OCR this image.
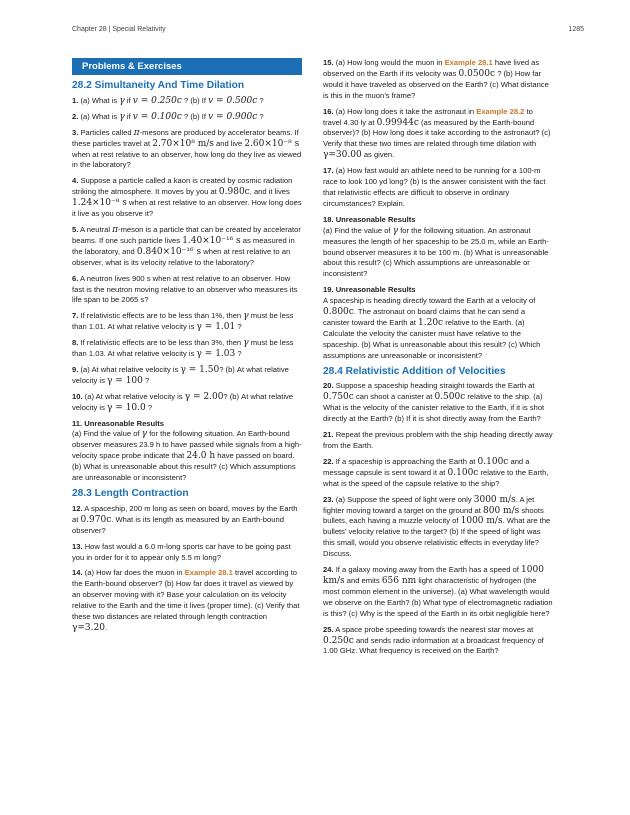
Chapter 28 | Special Relativity	1285
Problems & Exercises
28.2 Simultaneity And Time Dilation

1. (a) What is γ if v = 0.250c ? (b) If v = 0.500c ?

2. (a) What is γ if v = 0.100c ? (b) If v = 0.900c ?

3. Particles called π-mesons are produced by accelerator beams. If these particles travel at 2.70×10⁸ m/s and live 2.60×10⁻⁸ s when at rest relative to an observer, how long do they live as viewed in the laboratory?

4. Suppose a particle called a kaon is created by cosmic radiation striking the atmosphere. It moves by you at 0.980c, and it lives 1.24×10⁻⁸ s when at rest relative to an observer. How long does it live as you observe it?

5. A neutral π-meson is a particle that can be created by accelerator beams. If one such particle lives 1.40×10⁻¹⁶ s as measured in the laboratory, and 0.840×10⁻¹⁶ s when at rest relative to an observer, what is its velocity relative to the laboratory?

6. A neutron lives 900 s when at rest relative to an observer. How fast is the neutron moving relative to an observer who measures its life span to be 2065 s?

7. If relativistic effects are to be less than 1%, then γ must be less than 1.01. At what relative velocity is γ = 1.01 ?

8. If relativistic effects are to be less than 3%, then γ must be less than 1.03. At what relative velocity is γ = 1.03 ?

9. (a) At what relative velocity is γ = 1.50? (b) At what relative velocity is γ = 100 ?

10. (a) At what relative velocity is γ = 2.00? (b) At what relative velocity is γ = 10.0 ?

11. Unreasonable Results
(a) Find the value of γ for the following situation. An Earth-bound observer measures 23.9 h to have passed while signals from a high-velocity space probe indicate that 24.0 h have passed on board. (b) What is unreasonable about this result? (c) Which assumptions are unreasonable or inconsistent?

28.3 Length Contraction

12. A spaceship, 200 m long as seen on board, moves by the Earth at 0.970c. What is its length as measured by an Earth-bound observer?

13. How fast would a 6.0 m-long sports car have to be going past you in order for it to appear only 5.5 m long?

14. (a) How far does the muon in Example 28.1 travel according to the Earth-bound observer? (b) How far does it travel as viewed by an observer moving with it? Base your calculation on its velocity relative to the Earth and the time it lives (proper time). (c) Verify that these two distances are related through length contraction γ=3.20.

15. (a) How long would the muon in Example 28.1 have lived as observed on the Earth if its velocity was 0.0500c ? (b) How far would it have traveled as observed on the Earth? (c) What distance is this in the muon’s frame?

16. (a) How long does it take the astronaut in Example 28.2 to travel 4.30 ly at 0.99944c (as measured by the Earth-bound observer)? (b) How long does it take according to the astronaut? (c) Verify that these two times are related through time dilation with γ=30.00 as given.

17. (a) How fast would an athlete need to be running for a 100-m race to look 100 yd long? (b) Is the answer consistent with the fact that relativistic effects are difficult to observe in ordinary circumstances? Explain.

18. Unreasonable Results
(a) Find the value of γ for the following situation. An astronaut measures the length of her spaceship to be 25.0 m, while an Earth-bound observer measures it to be 100 m. (b) What is unreasonable about this result? (c) Which assumptions are unreasonable or inconsistent?

19. Unreasonable Results
A spaceship is heading directly toward the Earth at a velocity of 0.800c. The astronaut on board claims that he can send a canister toward the Earth at 1.20c relative to the Earth. (a) Calculate the velocity the canister must have relative to the spaceship. (b) What is unreasonable about this result? (c) Which assumptions are unreasonable or inconsistent?

28.4 Relativistic Addition of Velocities

20. Suppose a spaceship heading straight towards the Earth at 0.750c can shoot a canister at 0.500c relative to the ship. (a) What is the velocity of the canister relative to the Earth, if it is shot directly at the Earth? (b) If it is shot directly away from the Earth?

21. Repeat the previous problem with the ship heading directly away from the Earth.

22. If a spaceship is approaching the Earth at 0.100c and a message capsule is sent toward it at 0.100c relative to the Earth, what is the speed of the capsule relative to the ship?

23. (a) Suppose the speed of light were only 3000 m/s. A jet fighter moving toward a target on the ground at 800 m/s shoots bullets, each having a muzzle velocity of 1000 m/s. What are the bullets’ velocity relative to the target? (b) If the speed of light was this small, would you observe relativistic effects in everyday life? Discuss.

24. If a galaxy moving away from the Earth has a speed of 1000 km/s and emits 656 nm light characteristic of hydrogen (the most common element in the universe). (a) What wavelength would we observe on the Earth? (b) What type of electromagnetic radiation is this? (c) Why is the speed of the Earth in its orbit negligible here?

25. A space probe speeding towards the nearest star moves at 0.250c and sends radio information at a broadcast frequency of 1.00 GHz. What frequency is received on the Earth?
